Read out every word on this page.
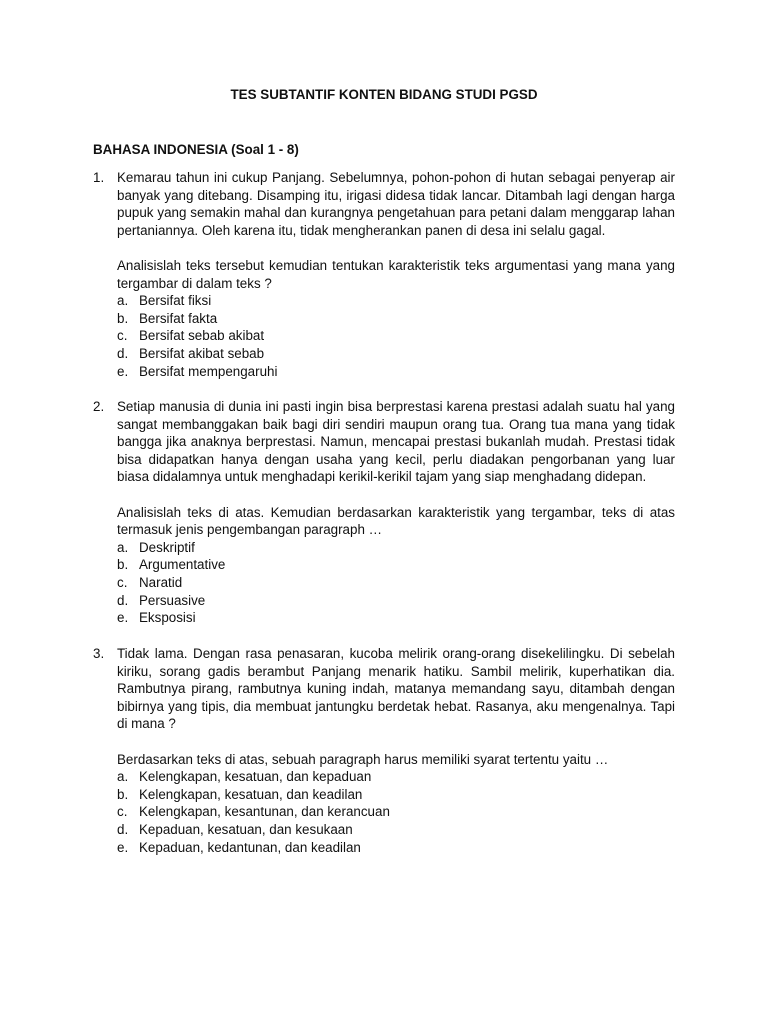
TES SUBTANTIF KONTEN BIDANG STUDI PGSD
BAHASA INDONESIA (Soal 1 - 8)
1. Kemarau tahun ini cukup Panjang. Sebelumnya, pohon-pohon di hutan sebagai penyerap air banyak yang ditebang. Disamping itu, irigasi didesa tidak lancar. Ditambah lagi dengan harga pupuk yang semakin mahal dan kurangnya pengetahuan para petani dalam menggarap lahan pertaniannya. Oleh karena itu, tidak mengherankan panen di desa ini selalu gagal.

Analisislah teks tersebut kemudian tentukan karakteristik teks argumentasi yang mana yang tergambar di dalam teks ?

a. Bersifat fiksi
b. Bersifat fakta
c. Bersifat sebab akibat
d. Bersifat akibat sebab
e. Bersifat mempengaruhi
2. Setiap manusia di dunia ini pasti ingin bisa berprestasi karena prestasi adalah suatu hal yang sangat membanggakan baik bagi diri sendiri maupun orang tua. Orang tua mana yang tidak bangga jika anaknya berprestasi. Namun, mencapai prestasi bukanlah mudah. Prestasi tidak bisa didapatkan hanya dengan usaha yang kecil, perlu diadakan pengorbanan yang luar biasa didalamnya untuk menghadapi kerikil-kerikil tajam yang siap menghadang didepan.

Analisislah teks di atas. Kemudian berdasarkan karakteristik yang tergambar, teks di atas termasuk jenis pengembangan paragraph …

a. Deskriptif
b. Argumentative
c. Naratid
d. Persuasive
e. Eksposisi
3. Tidak lama. Dengan rasa penasaran, kucoba melirik orang-orang disekelilingku. Di sebelah kiriku, sorang gadis berambut Panjang menarik hatiku. Sambil melirik, kuperhatikan dia. Rambutnya pirang, rambutnya kuning indah, matanya memandang sayu, ditambah dengan bibirnya yang tipis, dia membuat jantungku berdetak hebat. Rasanya, aku mengenalnya. Tapi di mana ?

Berdasarkan teks di atas, sebuah paragraph harus memiliki syarat tertentu yaitu …

a. Kelengkapan, kesatuan, dan kepaduan
b. Kelengkapan, kesatuan, dan keadilan
c. Kelengkapan, kesantunan, dan kerancuan
d. Kepaduan, kesatuan, dan kesukaan
e. Kepaduan, kedantunan, dan keadilan
